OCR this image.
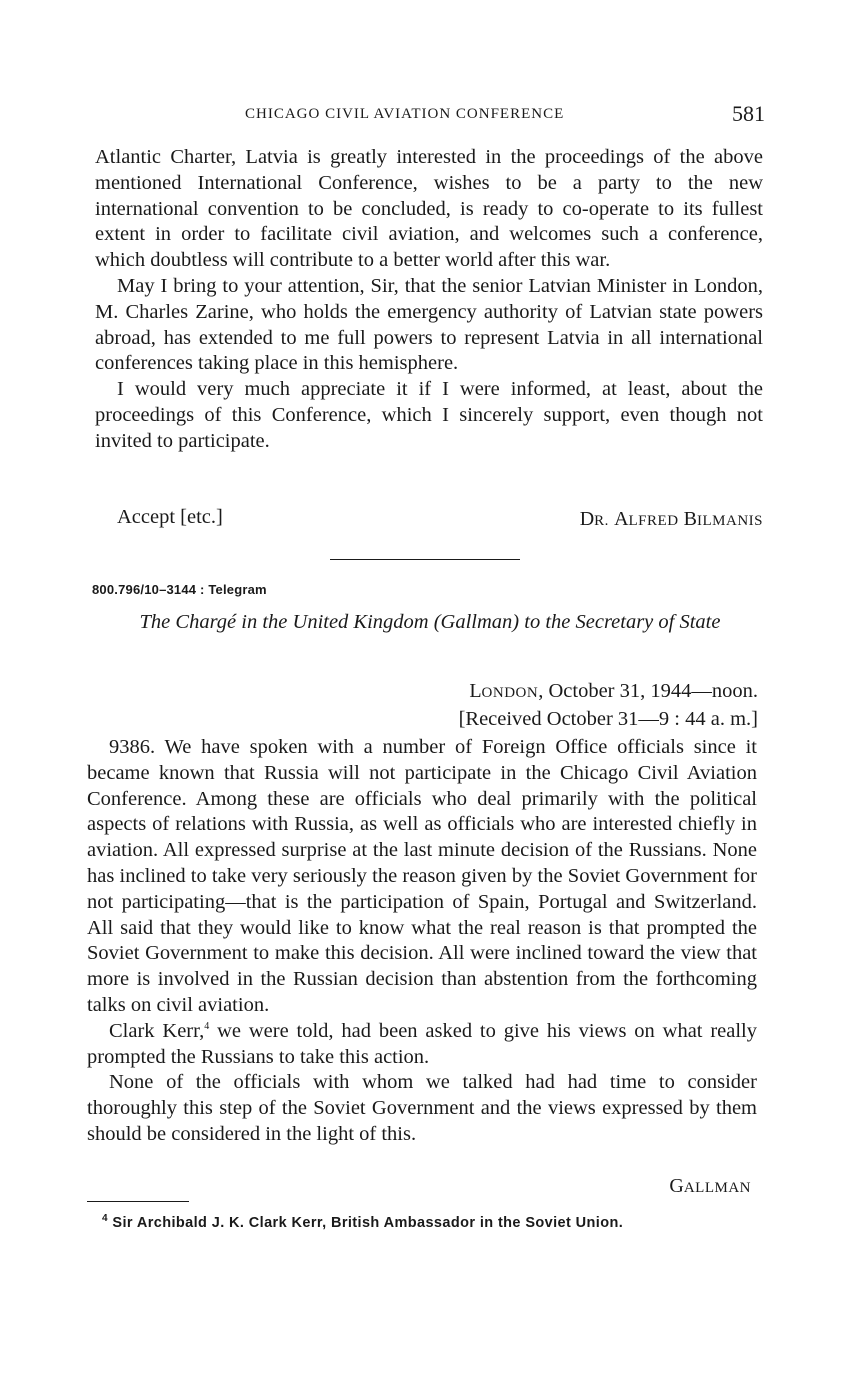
CHICAGO CIVIL AVIATION CONFERENCE	581

Atlantic Charter, Latvia is greatly interested in the proceedings of the above mentioned International Conference, wishes to be a party to the new international convention to be concluded, is ready to co-operate to its fullest extent in order to facilitate civil aviation, and welcomes such a conference, which doubtless will contribute to a better world after this war.

May I bring to your attention, Sir, that the senior Latvian Minister in London, M. Charles Zarine, who holds the emergency authority of Latvian state powers abroad, has extended to me full powers to represent Latvia in all international conferences taking place in this hemisphere.

I would very much appreciate it if I were informed, at least, about the proceedings of this Conference, which I sincerely support, even though not invited to participate.

Accept [etc.]	DR. ALFRED BILMANIS
800.796/10–3144 : Telegram
The Chargé in the United Kingdom (Gallman) to the Secretary of State
LONDON, October 31, 1944—noon.
[Received October 31—9 : 44 a. m.]

9386. We have spoken with a number of Foreign Office officials since it became known that Russia will not participate in the Chicago Civil Aviation Conference. Among these are officials who deal primarily with the political aspects of relations with Russia, as well as officials who are interested chiefly in aviation. All expressed surprise at the last minute decision of the Russians. None has inclined to take very seriously the reason given by the Soviet Government for not participating—that is the participation of Spain, Portugal and Switzerland. All said that they would like to know what the real reason is that prompted the Soviet Government to make this decision. All were inclined toward the view that more is involved in the Russian decision than abstention from the forthcoming talks on civil aviation.

Clark Kerr,$^4$ we were told, had been asked to give his views on what really prompted the Russians to take this action.

None of the officials with whom we talked had had time to consider thoroughly this step of the Soviet Government and the views expressed by them should be considered in the light of this.

GALLMAN
$^4$ Sir Archibald J. K. Clark Kerr, British Ambassador in the Soviet Union.
